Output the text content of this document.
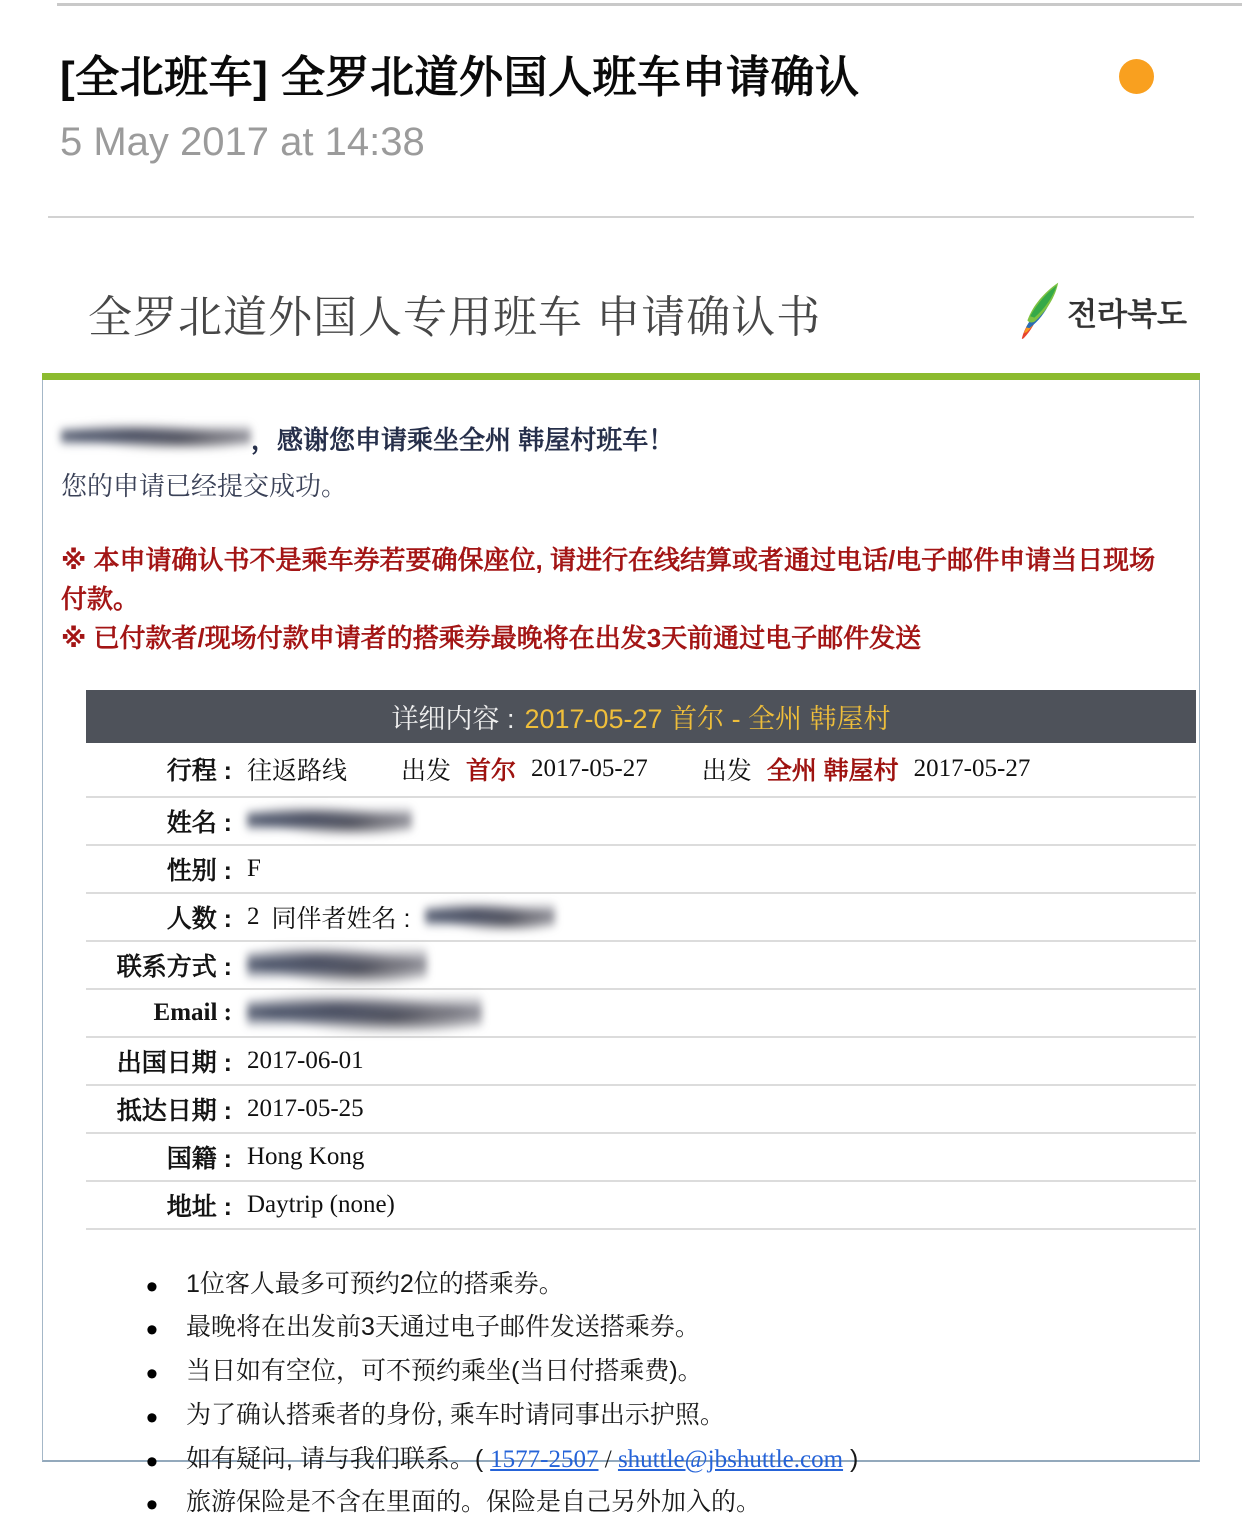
[全北班车] 全罗北道外国人班车申请确认
5 May 2017 at 14:38
全罗北道外国人专用班车 申请确认书	전라북도

，感谢您申请乘坐全州 韩屋村班车！

您的申请已经提交成功。

※ 本申请确认书不是乘车券若要确保座位, 请进行在线结算或者通过电话/电子邮件申请当日现场付款。

※ 已付款者/现场付款申请者的搭乘券最晚将在出发3天前通过电子邮件发送

详细内容 : 2017-05-27 首尔 - 全州 韩屋村
行程 : 往返路线 出发 首尔 2017-05-27 出发 全州 韩屋村 2017-05-27
姓名 :
性别 : F
人数 : 2 同伴者姓名 :
联系方式 :
Email :
出国日期 : 2017-06-01
抵达日期 : 2017-05-25
国籍 : Hong Kong
地址 : Daytrip (none)
• 1位客人最多可预约2位的搭乘券。
• 最晚将在出发前3天通过电子邮件发送搭乘券。
• 当日如有空位，可不预约乘坐(当日付搭乘费)。
• 为了确认搭乘者的身份, 乘车时请同事出示护照。
• 如有疑问, 请与我们联系。( 1577-2507 / shuttle@jbshuttle.com )
• 旅游保险是不含在里面的。保险是自己另外加入的。
